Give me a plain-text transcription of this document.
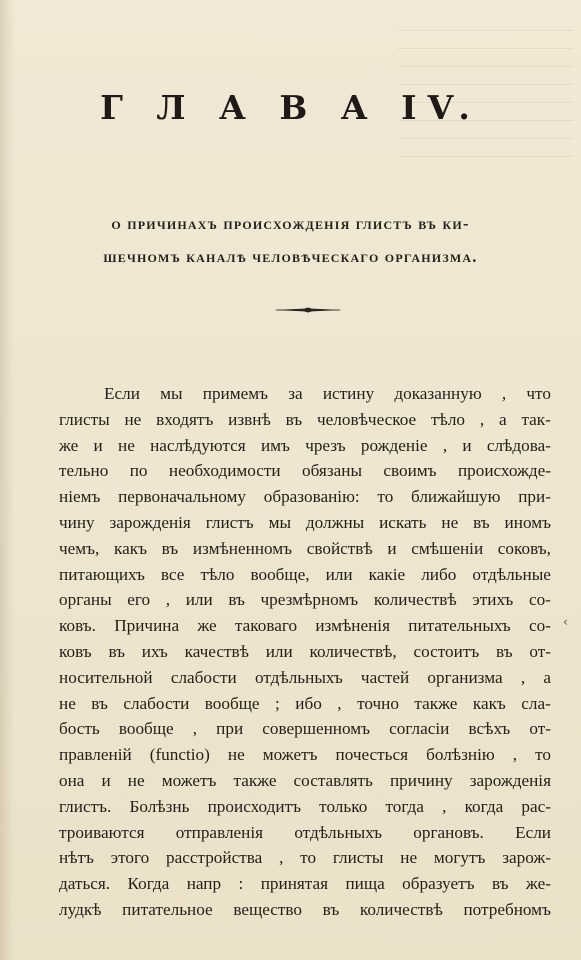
Г Л А В А IV.
о причинахъ происхожденія глистъ въ ки-
шечномъ каналѣ человѣческаго организма.
Если мы примемъ за истину доказанную , что
глисты не входятъ извнѣ въ человѣческое тѣло , а так-
же и не наслѣдуются имъ чрезъ рожденіе , и слѣдова-
тельно по необходимости обязаны своимъ происхожде-
ніемъ первоначальному образованію: то ближайшую при-
чину зарожденія глистъ мы должны искать не въ иномъ
чемъ, какъ въ измѣненномъ свойствѣ и смѣшеніи соковъ,
питающихъ все тѣло вообще, или какіе либо отдѣльные
органы его , или въ чрезмѣрномъ количествѣ этихъ со-
ковъ. Причина же таковаго измѣненія питательныхъ со-
ковъ въ ихъ качествѣ или количествѣ, состоитъ въ от-
носительной слабости отдѣльныхъ частей организма , а
не въ слабости вообще ; ибо , точно также какъ сла-
бость вообще , при совершенномъ согласіи всѣхъ от-
правленій (functio) не можетъ почесться болѣзнію , то
она и не можетъ также составлять причину зарожденія
глистъ. Болѣзнь происходитъ только тогда , когда рас-
троиваются отправленія отдѣльныхъ органовъ. Если
нѣтъ этого расстройства , то глисты не могутъ зарож-
даться. Когда напр : принятая пища образуетъ въ же-
лудкѣ питательное вещество въ количествѣ потребномъ
‹
